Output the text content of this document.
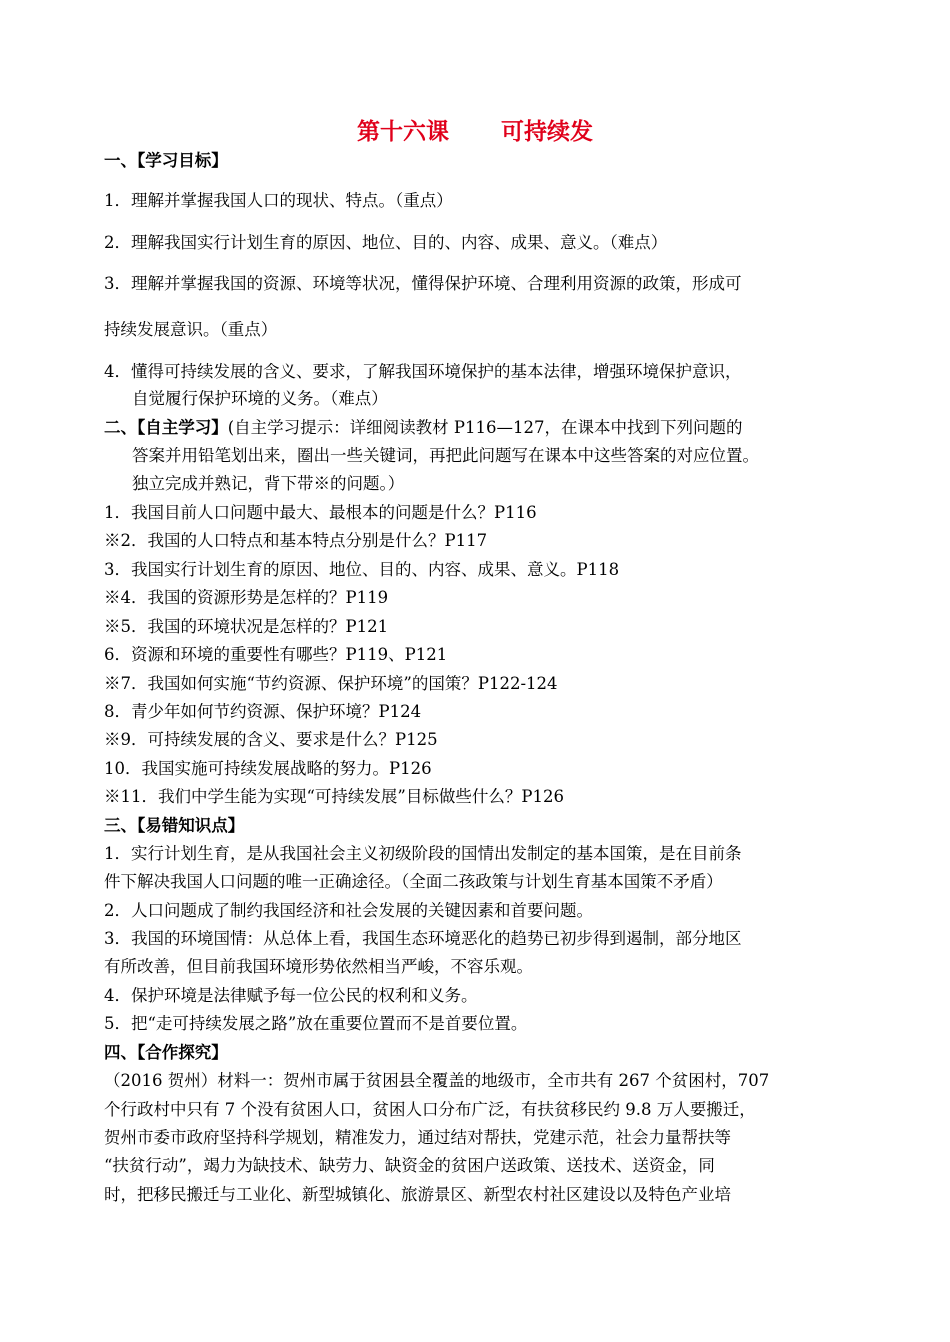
第十六课 可持续发
一、【学习目标】
1．理解并掌握我国人口的现状、特点。（重点）
2．理解我国实行计划生育的原因、地位、目的、内容、成果、意义。（难点）
3．理解并掌握我国的资源、环境等状况，懂得保护环境、合理利用资源的政策，形成可
持续发展意识。（重点）
4．懂得可持续发展的含义、要求，了解我国环境保护的基本法律，增强环境保护意识，
自觉履行保护环境的义务。（难点）
二、【自主学习】(自主学习提示：详细阅读教材 P116—127，在课本中找到下列问题的
答案并用铅笔划出来，圈出一些关键词，再把此问题写在课本中这些答案的对应位置。
独立完成并熟记，背下带※的问题。）
1．我国目前人口问题中最大、最根本的问题是什么？P116
※2．我国的人口特点和基本特点分别是什么？P117
3．我国实行计划生育的原因、地位、目的、内容、成果、意义。P118
※4．我国的资源形势是怎样的？P119
※5．我国的环境状况是怎样的？P121
6．资源和环境的重要性有哪些？P119、P121
※7．我国如何实施“节约资源、保护环境”的国策？P122-124
8．青少年如何节约资源、保护环境？P124
※9．可持续发展的含义、要求是什么？P125
10．我国实施可持续发展战略的努力。P126
※11．我们中学生能为实现“可持续发展”目标做些什么？P126
三、【易错知识点】
1．实行计划生育，是从我国社会主义初级阶段的国情出发制定的基本国策，是在目前条
件下解决我国人口问题的唯一正确途径。（全面二孩政策与计划生育基本国策不矛盾）
2．人口问题成了制约我国经济和社会发展的关键因素和首要问题。
3．我国的环境国情：从总体上看，我国生态环境恶化的趋势已初步得到遏制，部分地区
有所改善，但目前我国环境形势依然相当严峻，不容乐观。
4．保护环境是法律赋予每一位公民的权利和义务。
5．把“走可持续发展之路”放在重要位置而不是首要位置。
四、【合作探究】
（2016 贺州）材料一：贺州市属于贫困县全覆盖的地级市，全市共有 267 个贫困村，707
个行政村中只有 7 个没有贫困人口，贫困人口分布广泛，有扶贫移民约 9.8 万人要搬迁，
贺州市委市政府坚持科学规划，精准发力，通过结对帮扶，党建示范，社会力量帮扶等
“扶贫行动”，竭力为缺技术、缺劳力、缺资金的贫困户送政策、送技术、送资金，同
时，把移民搬迁与工业化、新型城镇化、旅游景区、新型农村社区建设以及特色产业培
